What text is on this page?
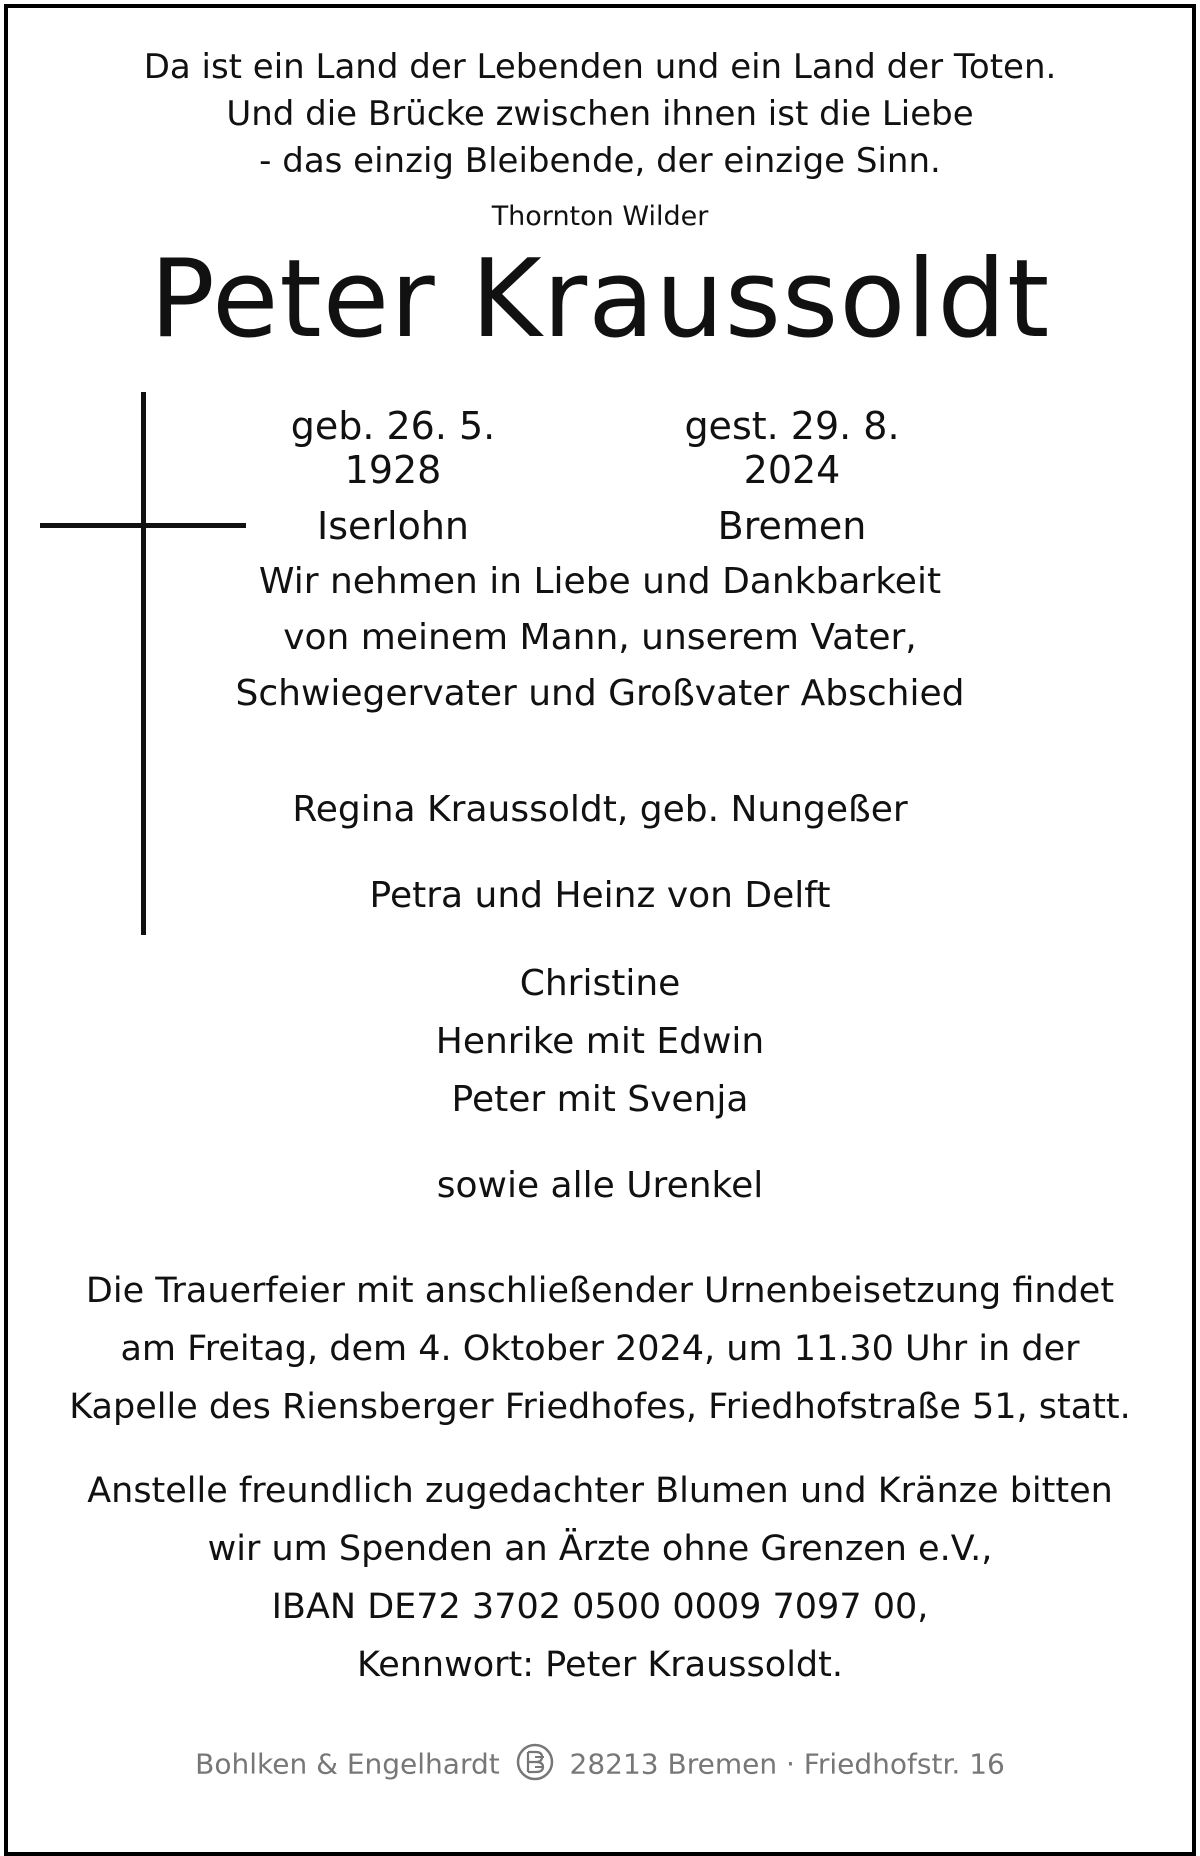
Da ist ein Land der Lebenden und ein Land der Toten.
Und die Brücke zwischen ihnen ist die Liebe
- das einzig Bleibende, der einzige Sinn.
Thornton Wilder
Peter Kraussoldt
geb. 26. 5. 1928
Iserlohn
gest. 29. 8. 2024
Bremen
Wir nehmen in Liebe und Dankbarkeit
von meinem Mann, unserem Vater,
Schwiegervater und Großvater Abschied
Regina Kraussoldt, geb. Nungeßer
Petra und Heinz von Delft
Christine
Henrike mit Edwin
Peter mit Svenja
sowie alle Urenkel
Die Trauerfeier mit anschließender Urnenbeisetzung findet
am Freitag, dem 4. Oktober 2024, um 11.30 Uhr in der
Kapelle des Riensberger Friedhofes, Friedhofstraße 51, statt.
Anstelle freundlich zugedachter Blumen und Kränze bitten
wir um Spenden an Ärzte ohne Grenzen e.V.,
IBAN DE72 3702 0500 0009 7097 00,
Kennwort: Peter Kraussoldt.
Bohlken & Engelhardt 28213 Bremen · Friedhofstr. 16
